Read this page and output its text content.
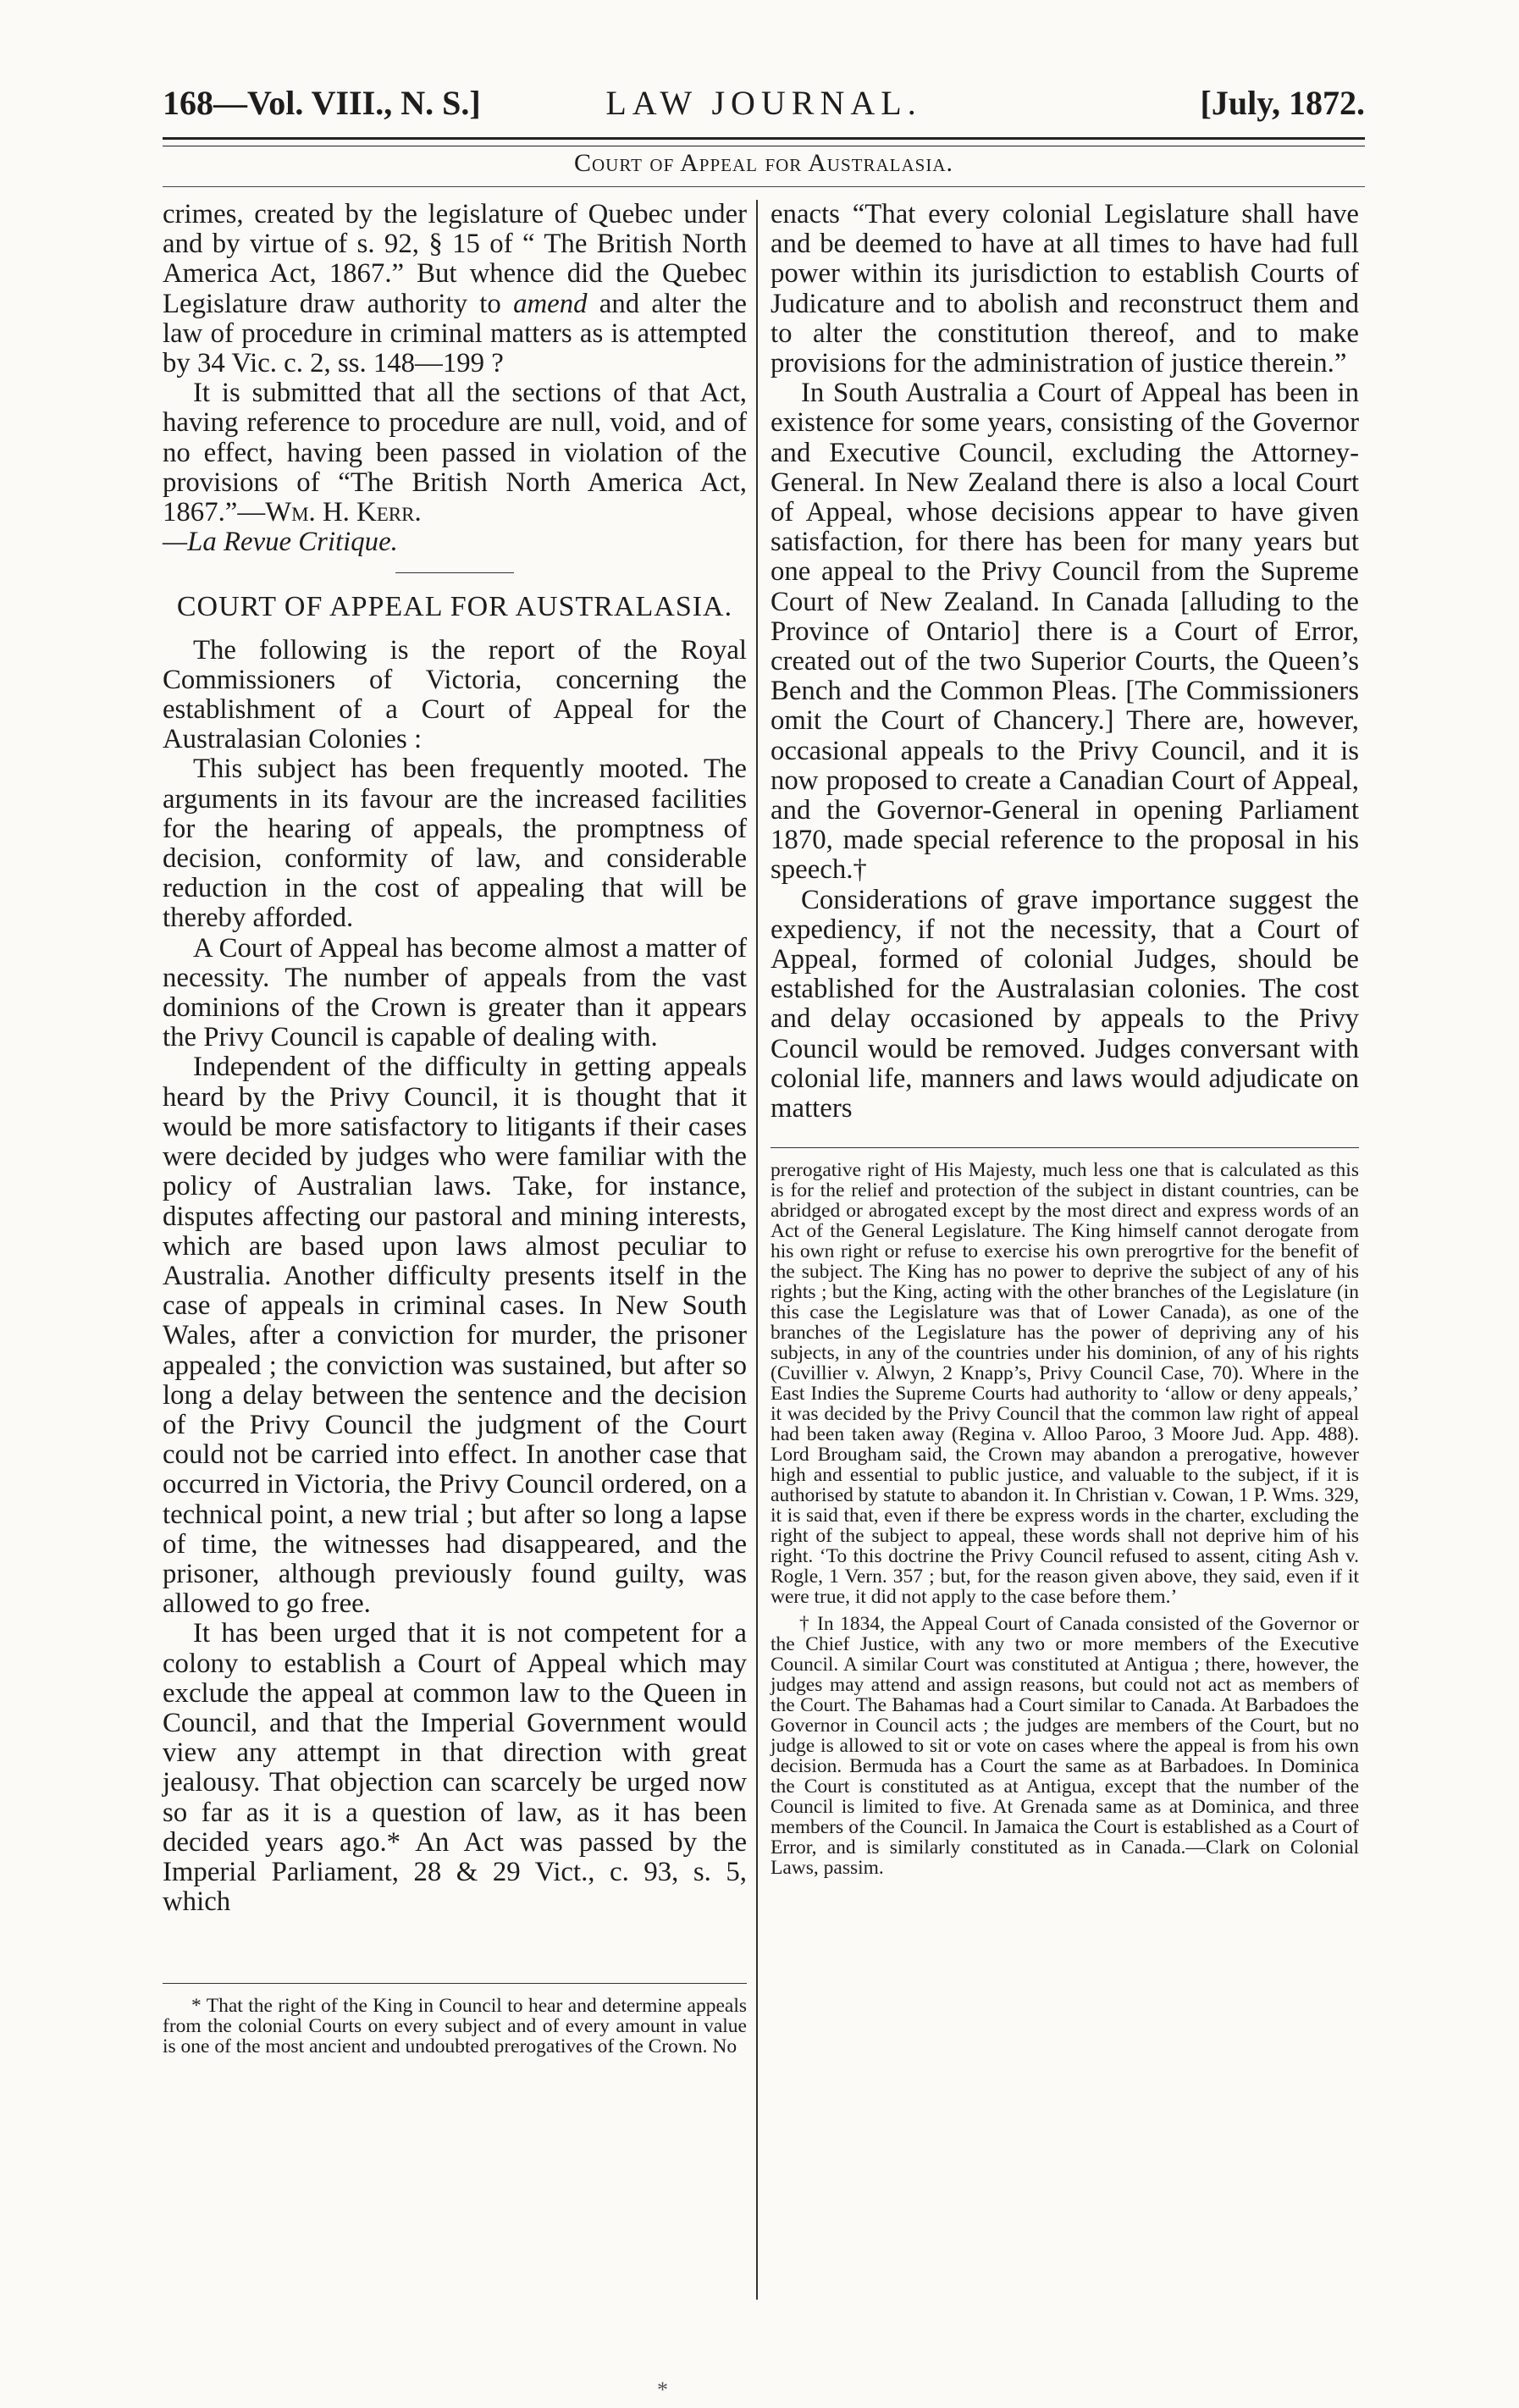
168—Vol. VIII., N. S.]	LAW JOURNAL.	[July, 1872.
Court of Appeal for Australasia.

crimes, created by the legislature of Quebec under and by virtue of s. 92, § 15 of “ The British North America Act, 1867.” But whence did the Quebec Legislature draw authority to amend and alter the law of procedure in criminal matters as is attempted by 34 Vic. c. 2, ss. 148—199 ?

It is submitted that all the sections of that Act, having reference to procedure are null, void, and of no effect, having been passed in violation of the provisions of “The British North America Act, 1867.”—Wm. H. Kerr.

—La Revue Critique.

COURT OF APPEAL FOR AUSTRALASIA.

The following is the report of the Royal Commissioners of Victoria, concerning the establishment of a Court of Appeal for the Australasian Colonies :

This subject has been frequently mooted. The arguments in its favour are the increased facilities for the hearing of appeals, the promptness of decision, conformity of law, and considerable reduction in the cost of appealing that will be thereby afforded.

A Court of Appeal has become almost a matter of necessity. The number of appeals from the vast dominions of the Crown is greater than it appears the Privy Council is capable of dealing with.

Independent of the difficulty in getting appeals heard by the Privy Council, it is thought that it would be more satisfactory to litigants if their cases were decided by judges who were familiar with the policy of Australian laws. Take, for instance, disputes affecting our pastoral and mining interests, which are based upon laws almost peculiar to Australia. Another difficulty presents itself in the case of appeals in criminal cases. In New South Wales, after a conviction for murder, the prisoner appealed ; the conviction was sustained, but after so long a delay between the sentence and the decision of the Privy Council the judgment of the Court could not be carried into effect. In another case that occurred in Victoria, the Privy Council ordered, on a technical point, a new trial ; but after so long a lapse of time, the witnesses had disappeared, and the prisoner, although previously found guilty, was allowed to go free.

It has been urged that it is not competent for a colony to establish a Court of Appeal which may exclude the appeal at common law to the Queen in Council, and that the Imperial Government would view any attempt in that direction with great jealousy. That objection can scarcely be urged now so far as it is a question of law, as it has been decided years ago.* An Act was passed by the Imperial Parliament, 28 & 29 Vict., c. 93, s. 5, which

* That the right of the King in Council to hear and determine appeals from the colonial Courts on every subject and of every amount in value is one of the most ancient and undoubted prerogatives of the Crown. No

enacts “That every colonial Legislature shall have and be deemed to have at all times to have had full power within its jurisdiction to establish Courts of Judicature and to abolish and reconstruct them and to alter the constitution thereof, and to make provisions for the administration of justice therein.”

In South Australia a Court of Appeal has been in existence for some years, consisting of the Governor and Executive Council, excluding the Attorney-General. In New Zealand there is also a local Court of Appeal, whose decisions appear to have given satisfaction, for there has been for many years but one appeal to the Privy Council from the Supreme Court of New Zealand. In Canada [alluding to the Province of Ontario] there is a Court of Error, created out of the two Superior Courts, the Queen’s Bench and the Common Pleas. [The Commissioners omit the Court of Chancery.] There are, however, occasional appeals to the Privy Council, and it is now proposed to create a Canadian Court of Appeal, and the Governor-General in opening Parliament 1870, made special reference to the proposal in his speech.†

Considerations of grave importance suggest the expediency, if not the necessity, that a Court of Appeal, formed of colonial Judges, should be established for the Australasian colonies. The cost and delay occasioned by appeals to the Privy Council would be removed. Judges conversant with colonial life, manners and laws would adjudicate on matters

prerogative right of His Majesty, much less one that is calculated as this is for the relief and protection of the subject in distant countries, can be abridged or abrogated except by the most direct and express words of an Act of the General Legislature. The King himself cannot derogate from his own right or refuse to exercise his own prerogrtive for the benefit of the subject. The King has no power to deprive the subject of any of his rights ; but the King, acting with the other branches of the Legislature (in this case the Legislature was that of Lower Canada), as one of the branches of the Legislature has the power of depriving any of his subjects, in any of the countries under his dominion, of any of his rights (Cuvillier v. Alwyn, 2 Knapp’s, Privy Council Case, 70). Where in the East Indies the Supreme Courts had authority to ‘allow or deny appeals,’ it was decided by the Privy Council that the common law right of appeal had been taken away (Regina v. Alloo Paroo, 3 Moore Jud. App. 488). Lord Brougham said, the Crown may abandon a prerogative, however high and essential to public justice, and valuable to the subject, if it is authorised by statute to abandon it. In Christian v. Cowan, 1 P. Wms. 329, it is said that, even if there be express words in the charter, excluding the right of the subject to appeal, these words shall not deprive him of his right. ‘To this doctrine the Privy Council refused to assent, citing Ash v. Rogle, 1 Vern. 357 ; but, for the reason given above, they said, even if it were true, it did not apply to the case before them.’

† In 1834, the Appeal Court of Canada consisted of the Governor or the Chief Justice, with any two or more members of the Executive Council. A similar Court was constituted at Antigua ; there, however, the judges may attend and assign reasons, but could not act as members of the Court. The Bahamas had a Court similar to Canada. At Barbadoes the Governor in Council acts ; the judges are members of the Court, but no judge is allowed to sit or vote on cases where the appeal is from his own decision. Bermuda has a Court the same as at Barbadoes. In Dominica the Court is constituted as at Antigua, except that the number of the Council is limited to five. At Grenada same as at Dominica, and three members of the Council. In Jamaica the Court is established as a Court of Error, and is similarly constituted as in Canada.—Clark on Colonial Laws, passim.

*
